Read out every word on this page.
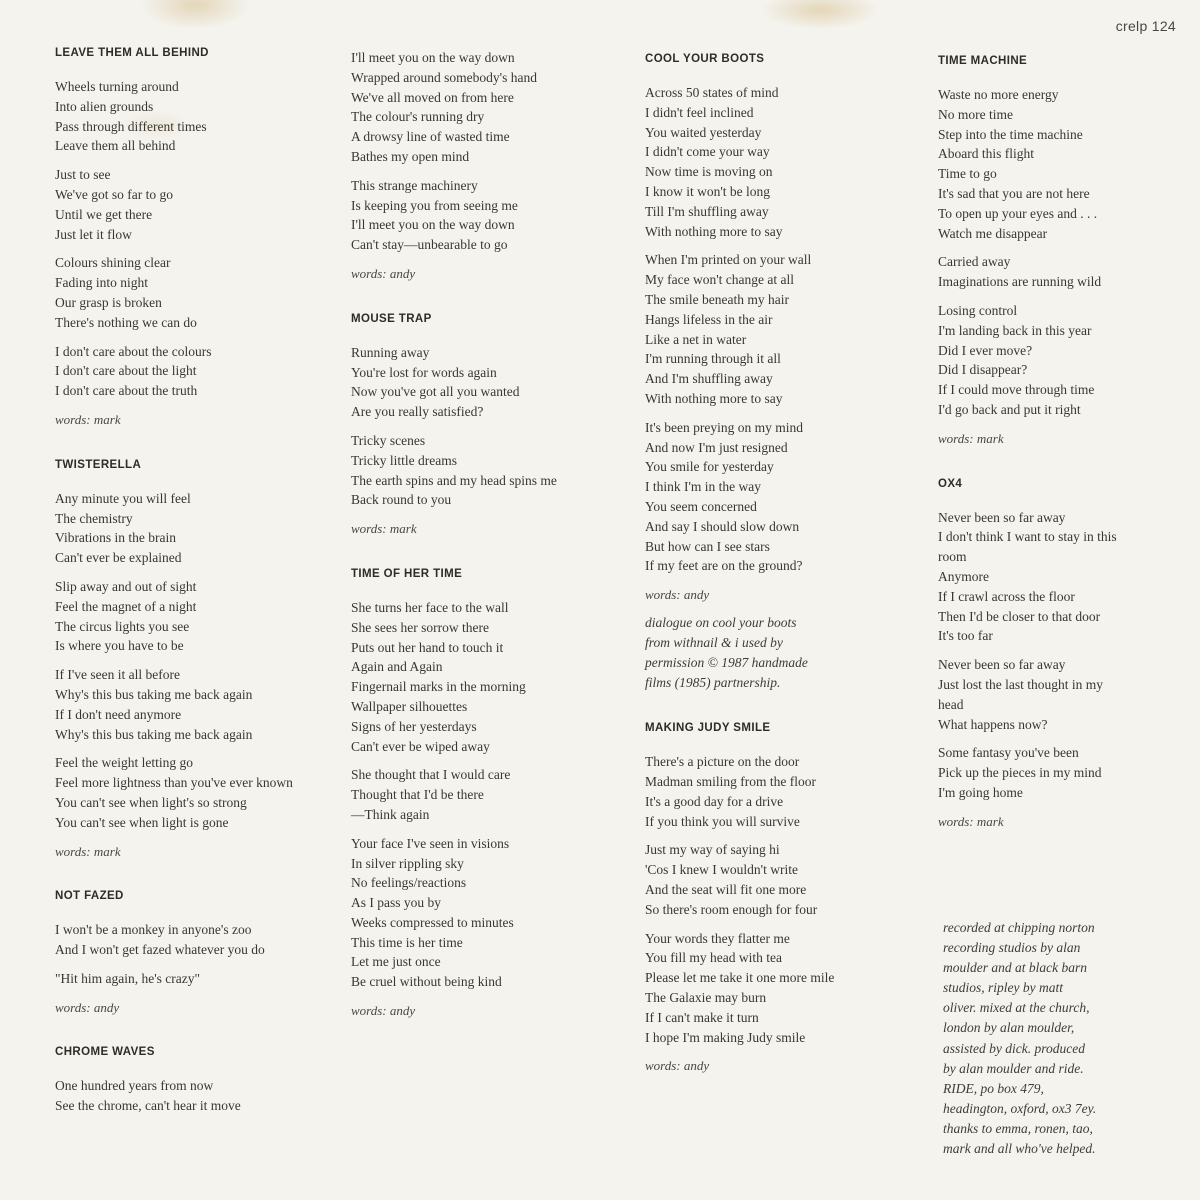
crelp 124
LEAVE THEM ALL BEHIND
Wheels turning around
Into alien grounds
Pass through different times
Leave them all behind
Just to see
We've got so far to go
Until we get there
Just let it flow
Colours shining clear
Fading into night
Our grasp is broken
There's nothing we can do
I don't care about the colours
I don't care about the light
I don't care about the truth
words: mark
TWISTERELLA
Any minute you will feel
The chemistry
Vibrations in the brain
Can't ever be explained
Slip away and out of sight
Feel the magnet of a night
The circus lights you see
Is where you have to be
If I've seen it all before
Why's this bus taking me back again
If I don't need anymore
Why's this bus taking me back again
Feel the weight letting go
Feel more lightness than you've ever known
You can't see when light's so strong
You can't see when light is gone
words: mark
NOT FAZED
I won't be a monkey in anyone's zoo
And I won't get fazed whatever you do
"Hit him again, he's crazy"
words: andy
CHROME WAVES
One hundred years from now
See the chrome, can't hear it move
I'll meet you on the way down
Wrapped around somebody's hand
We've all moved on from here
The colour's running dry
A drowsy line of wasted time
Bathes my open mind
This strange machinery
Is keeping you from seeing me
I'll meet you on the way down
Can't stay—unbearable to go
words: andy
MOUSE TRAP
Running away
You're lost for words again
Now you've got all you wanted
Are you really satisfied?
Tricky scenes
Tricky little dreams
The earth spins and my head spins me
Back round to you
words: mark
TIME OF HER TIME
She turns her face to the wall
She sees her sorrow there
Puts out her hand to touch it
Again and Again
Fingernail marks in the morning
Wallpaper silhouettes
Signs of her yesterdays
Can't ever be wiped away
She thought that I would care
Thought that I'd be there
—Think again
Your face I've seen in visions
In silver rippling sky
No feelings/reactions
As I pass you by
Weeks compressed to minutes
This time is her time
Let me just once
Be cruel without being kind
words: andy
COOL YOUR BOOTS
Across 50 states of mind
I didn't feel inclined
You waited yesterday
I didn't come your way
Now time is moving on
I know it won't be long
Till I'm shuffling away
With nothing more to say
When I'm printed on your wall
My face won't change at all
The smile beneath my hair
Hangs lifeless in the air
Like a net in water
I'm running through it all
And I'm shuffling away
With nothing more to say
It's been preying on my mind
And now I'm just resigned
You smile for yesterday
I think I'm in the way
You seem concerned
And say I should slow down
But how can I see stars
If my feet are on the ground?
words: andy
dialogue on cool your boots
from withnail & i used by
permission © 1987 handmade
films (1985) partnership.
MAKING JUDY SMILE
There's a picture on the door
Madman smiling from the floor
It's a good day for a drive
If you think you will survive
Just my way of saying hi
'Cos I knew I wouldn't write
And the seat will fit one more
So there's room enough for four
Your words they flatter me
You fill my head with tea
Please let me take it one more mile
The Galaxie may burn
If I can't make it turn
I hope I'm making Judy smile
words: andy
TIME MACHINE
Waste no more energy
No more time
Step into the time machine
Aboard this flight
Time to go
It's sad that you are not here
To open up your eyes and . . .
Watch me disappear
Carried away
Imaginations are running wild
Losing control
I'm landing back in this year
Did I ever move?
Did I disappear?
If I could move through time
I'd go back and put it right
words: mark
OX4
Never been so far away
I don't think I want to stay in this room
Anymore
If I crawl across the floor
Then I'd be closer to that door
It's too far
Never been so far away
Just lost the last thought in my head
What happens now?
Some fantasy you've been
Pick up the pieces in my mind
I'm going home
words: mark
recorded at chipping norton
recording studios by alan
moulder and at black barn
studios, ripley by matt
oliver. mixed at the church,
london by alan moulder,
assisted by dick. produced
by alan moulder and ride.
RIDE, po box 479,
headington, oxford, ox3 7ey.
thanks to emma, ronen, tao,
mark and all who've helped.
